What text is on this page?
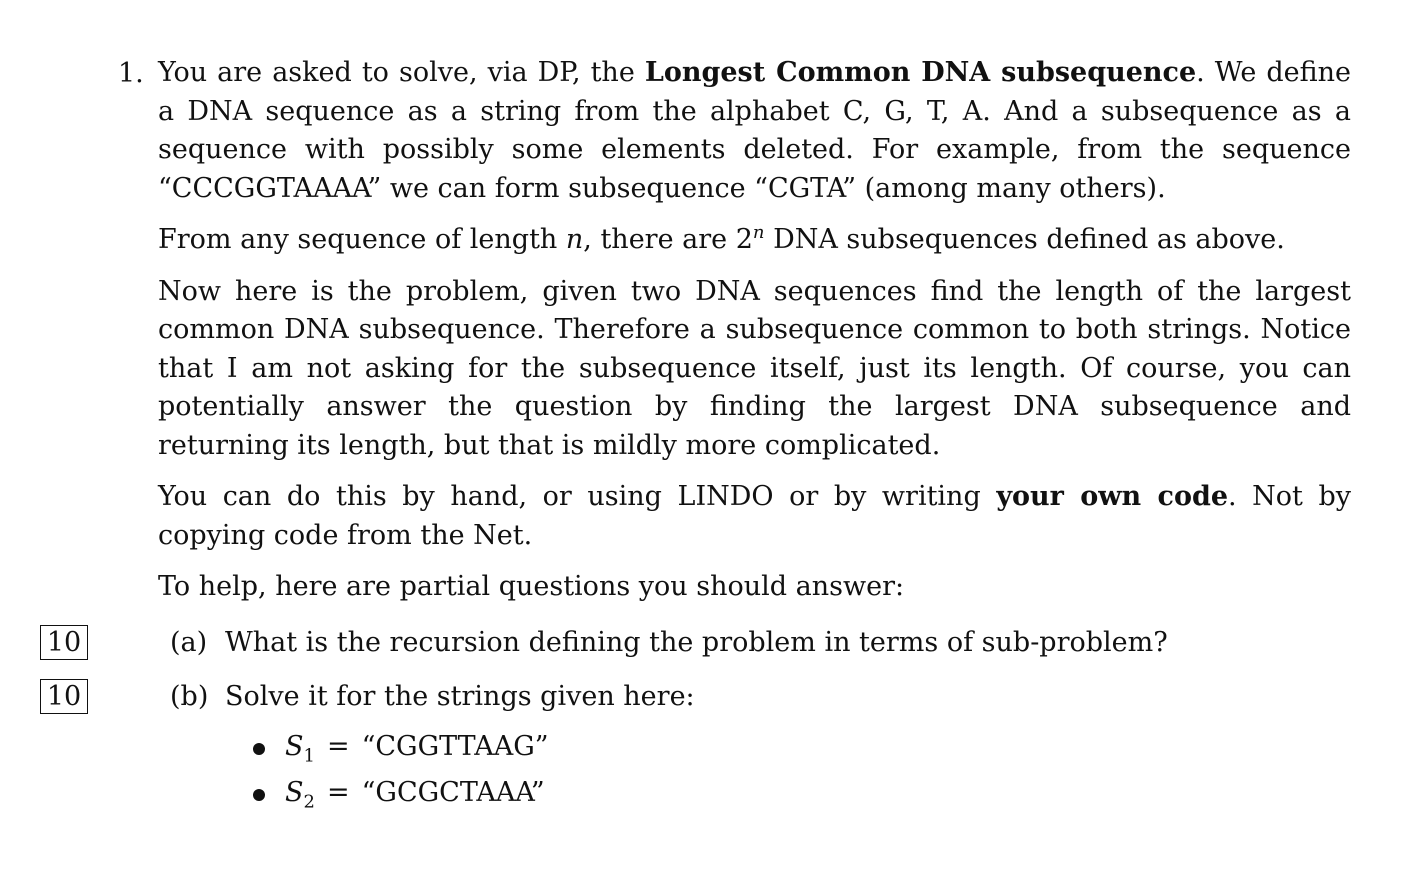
1. You are asked to solve, via DP, the Longest Common DNA subsequence. We define a DNA sequence as a string from the alphabet C, G, T, A. And a subsequence as a sequence with possibly some elements deleted. For example, from the sequence “CCCGGTAAAA” we can form subsequence “CGTA” (among many others).

From any sequence of length n, there are 2$^n$ DNA subsequences defined as above.

Now here is the problem, given two DNA sequences find the length of the largest common DNA subsequence. Therefore a subsequence common to both strings. Notice that I am not asking for the subsequence itself, just its length. Of course, you can potentially answer the question by finding the largest DNA subsequence and returning its length, but that is mildly more complicated.

You can do this by hand, or using LINDO or by writing your own code. Not by copying code from the Net.

To help, here are partial questions you should answer:

10	(a) What is the recursion defining the problem in terms of sub-problem?
10	(b) Solve it for the strings given here:
$S_1$ = “CGGTTAAG”
$S_2$ = “GCGCTAAA”
